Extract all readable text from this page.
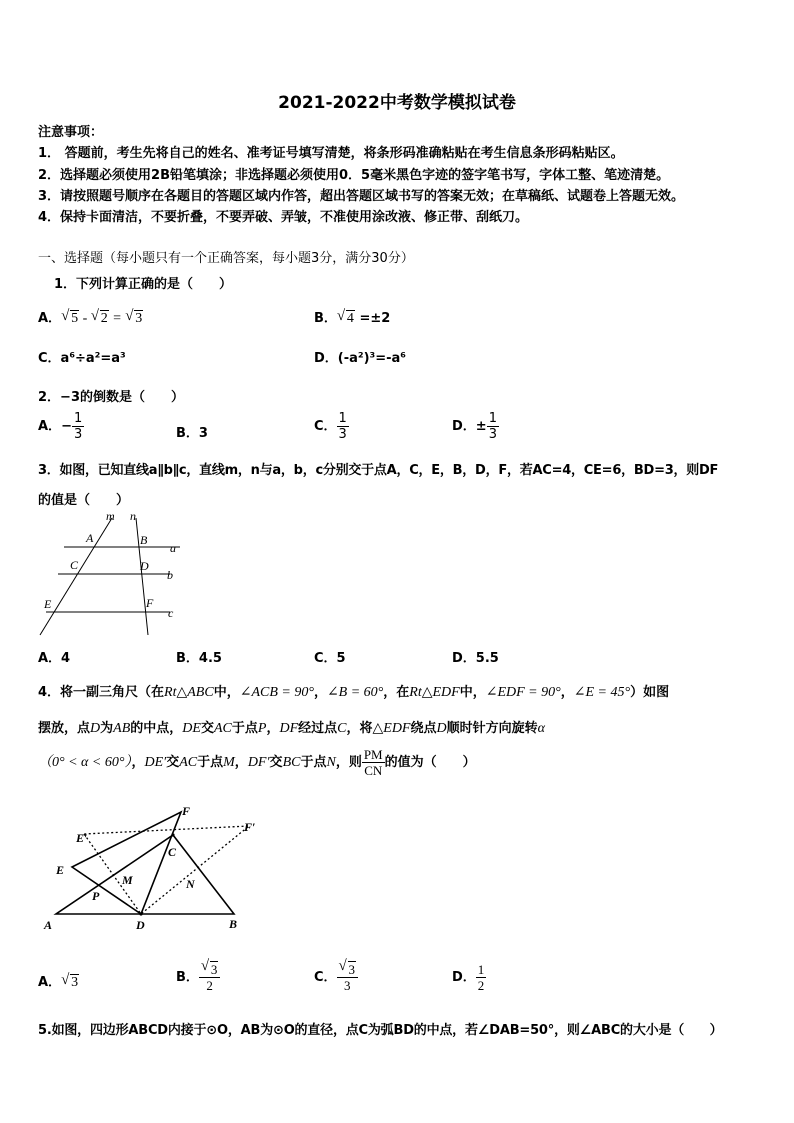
2021-2022中考数学模拟试卷
注意事项：
1． 答题前，考生先将自己的姓名、准考证号填写清楚，将条形码准确粘贴在考生信息条形码粘贴区。
2．选择题必须使用2B铅笔填涂；非选择题必须使用0．5毫米黑色字迹的签字笔书写，字体工整、笔迹清楚。
3．请按照题号顺序在各题目的答题区域内作答，超出答题区域书写的答案无效；在草稿纸、试题卷上答题无效。
4．保持卡面清洁，不要折叠，不要弄破、弄皱，不准使用涂改液、修正带、刮纸刀。
一、选择题（每小题只有一个正确答案，每小题3分，满分30分）
1．下列计算正确的是（　　）
A． √ 5 - √ 2 = √ 3	B． √ 4 =±2
C．a⁶÷a²=a³	D．(-a²)³=-a⁶
2．−3的倒数是（　　）
A．− $\frac{1}{3}$	B．3	C． $\frac{1}{3}$	D．± $\frac{1}{3}$
3．如图，已知直线a∥b∥c，直线m，n与a，b，c分别交于点A，C，E，B，D，F，若AC=4，CE=6，BD=3，则DF
的值是（　　）
m n
A	B
a
C	D
b
E	F
c
A．4	B．4.5	C．5	D．5.5
4．将一副三角尺（在Rt△ABC中，∠ACB = 90°，∠B = 60°，在Rt△EDF中，∠EDF = 90°，∠E = 45°）如图
摆放，点D为AB的中点，DE交AC于点P，DF经过点C，将△EDF绕点D顺时针方向旋转α
（0° < α < 60°），DE′交AC于点M，DF′交BC于点N，则 $\frac{PM}{CN}$ 的值为（　　）
E′
F
F′
C
E
M	N
P
A	D	B
A． √ 3	B． √ $\frac{3}{2}$	C． √ $\frac{3}{3}$	D． $\frac{1}{2}$
5.如图，四边形ABCD内接于⊙O，AB为⊙O的直径，点C为弧BD的中点，若∠DAB=50°，则∠ABC的大小是（　　）
